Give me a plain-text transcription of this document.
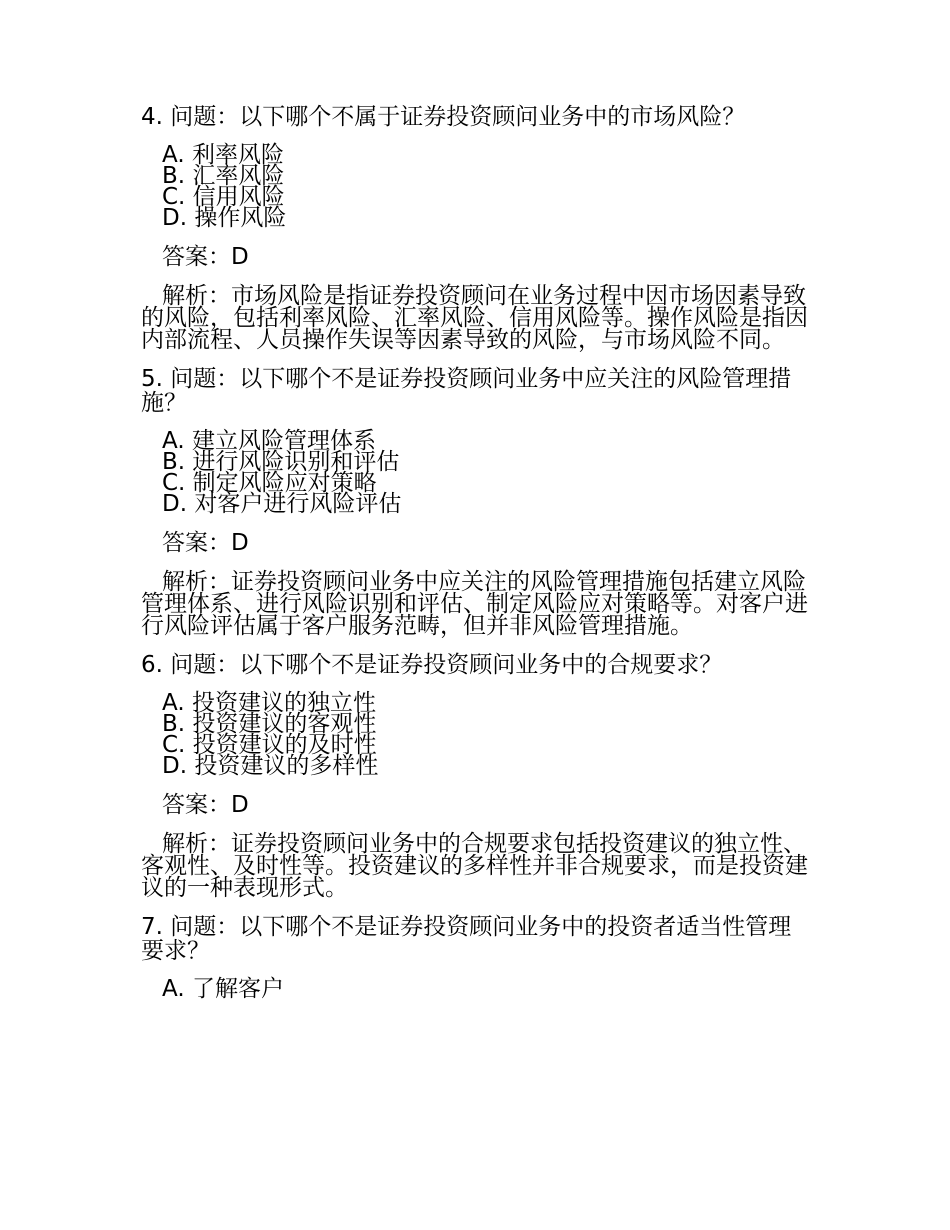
4. 问题：以下哪个不属于证券投资顾问业务中的市场风险？

A. 利率风险
B. 汇率风险
C. 信用风险
D. 操作风险

答案：D

解析：市场风险是指证券投资顾问在业务过程中因市场因素导致的风险，包括利率风险、汇率风险、信用风险等。操作风险是指因内部流程、人员操作失误等因素导致的风险，与市场风险不同。

5. 问题：以下哪个不是证券投资顾问业务中应关注的风险管理措施？

A. 建立风险管理体系
B. 进行风险识别和评估
C. 制定风险应对策略
D. 对客户进行风险评估

答案：D

解析：证券投资顾问业务中应关注的风险管理措施包括建立风险管理体系、进行风险识别和评估、制定风险应对策略等。对客户进行风险评估属于客户服务范畴，但并非风险管理措施。

6. 问题：以下哪个不是证券投资顾问业务中的合规要求？

A. 投资建议的独立性
B. 投资建议的客观性
C. 投资建议的及时性
D. 投资建议的多样性

答案：D

解析：证券投资顾问业务中的合规要求包括投资建议的独立性、客观性、及时性等。投资建议的多样性并非合规要求，而是投资建议的一种表现形式。

7. 问题：以下哪个不是证券投资顾问业务中的投资者适当性管理要求？

A. 了解客户
